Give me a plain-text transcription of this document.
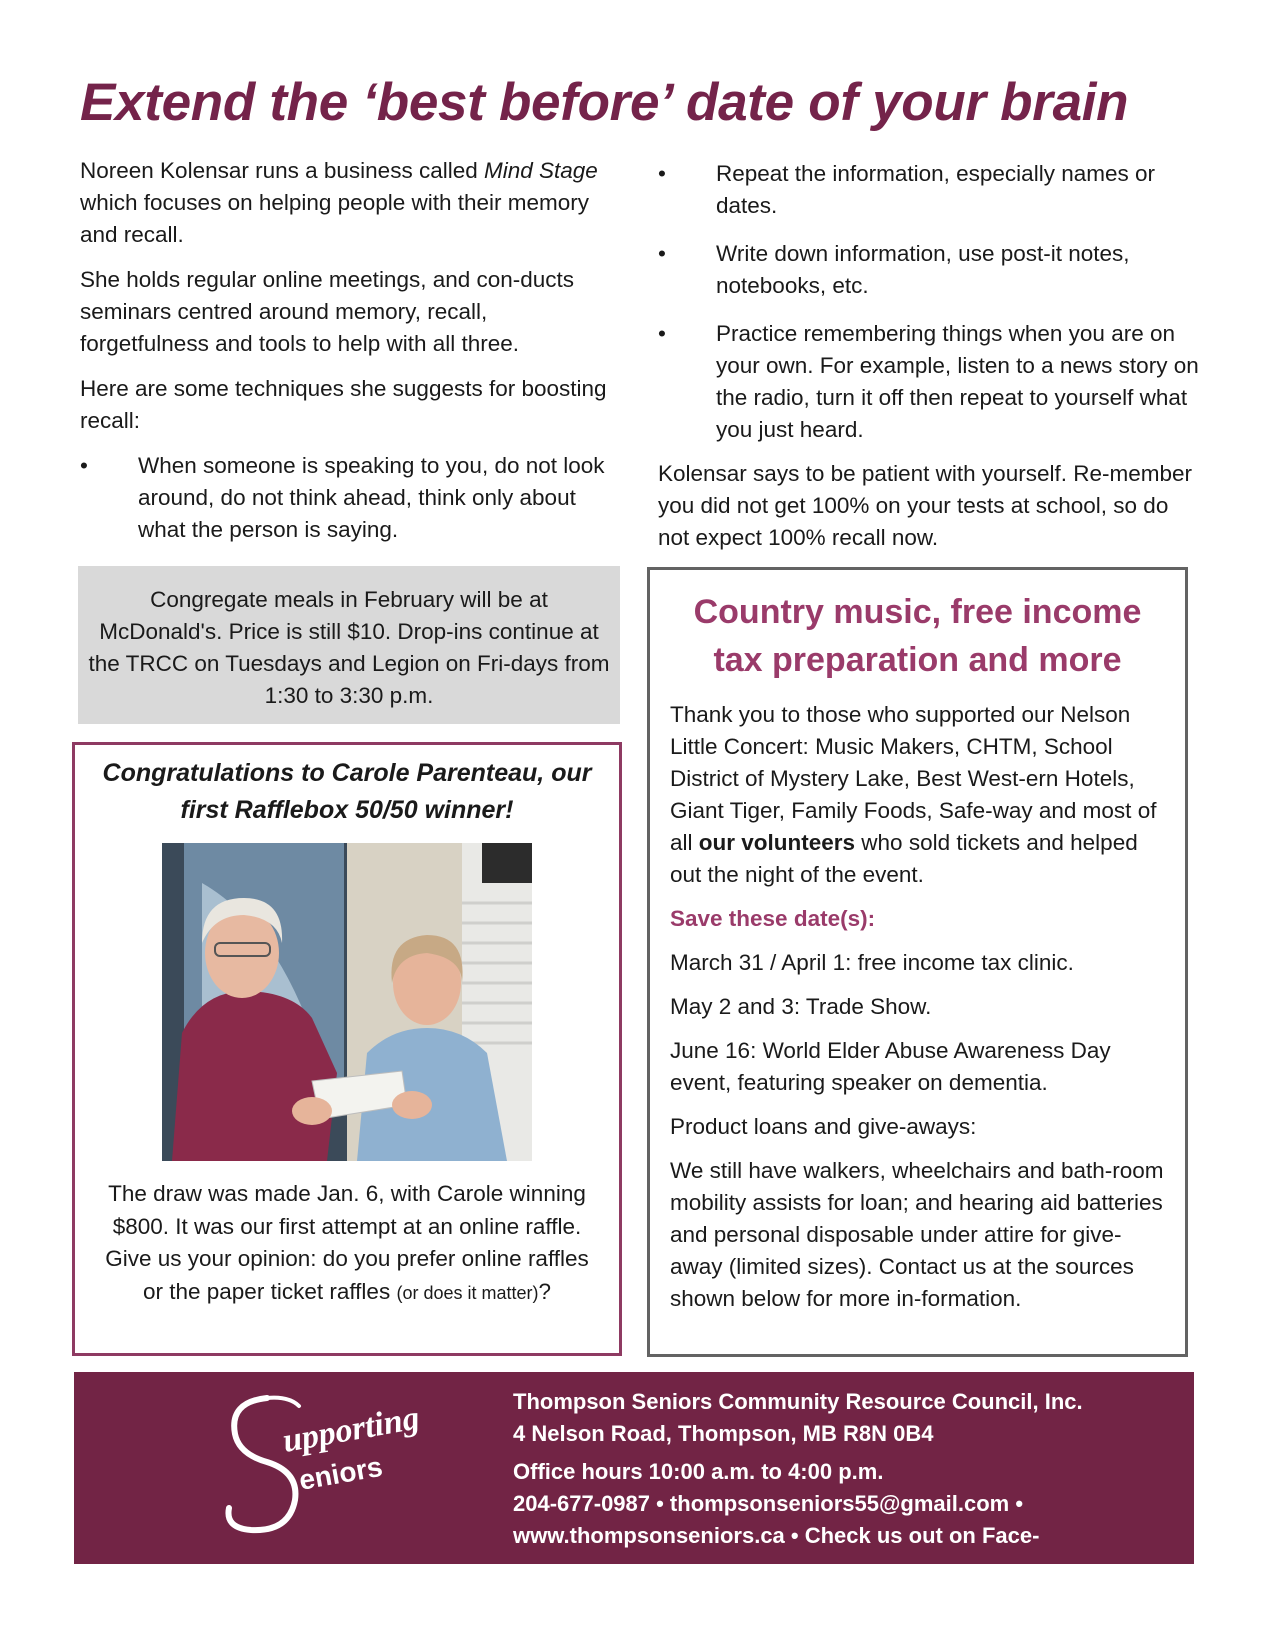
Extend the ‘best before’ date of your brain

Noreen Kolensar runs a business called Mind Stage which focuses on helping people with their memory and recall.

She holds regular online meetings, and con-ducts seminars centred around memory, recall, forgetfulness and tools to help with all three.

Here are some techniques she suggests for boosting recall:

• When someone is speaking to you, do not look around, do not think ahead, think only about what the person is saying.
• Repeat the information, especially names or dates.
• Write down information, use post-it notes, notebooks, etc.
• Practice remembering things when you are on your own. For example, listen to a news story on the radio, turn it off then repeat to yourself what you just heard.

Kolensar says to be patient with yourself. Re-member you did not get 100% on your tests at school, so do not expect 100% recall now.

Congregate meals in February will be at McDonald's. Price is still $10. Drop-ins continue at the TRCC on Tuesdays and Legion on Fri-days from 1:30 to 3:30 p.m.
Congratulations to Carole Parenteau, our first Rafflebox 50/50 winner!

The draw was made Jan. 6, with Carole winning $800. It was our first attempt at an online raffle. Give us your opinion: do you prefer online raffles or the paper ticket raffles (or does it matter)?

Country music, free income tax preparation and more

Thank you to those who supported our Nelson Little Concert: Music Makers, CHTM, School District of Mystery Lake, Best West-ern Hotels, Giant Tiger, Family Foods, Safe-way and most of all our volunteers who sold tickets and helped out the night of the event.

Save these date(s):

March 31 / April 1: free income tax clinic.

May 2 and 3: Trade Show.

June 16: World Elder Abuse Awareness Day event, featuring speaker on dementia.

Product loans and give-aways:

We still have walkers, wheelchairs and bath-room mobility assists for loan; and hearing aid batteries and personal disposable under attire for give-away (limited sizes). Contact us at the sources shown below for more in-formation.

upporting
eniors
Thompson Seniors Community Resource Council, Inc.
4 Nelson Road, Thompson, MB R8N 0B4
Office hours 10:00 a.m. to 4:00 p.m.
204-677-0987 • thompsonseniors55@gmail.com •
www.thompsonseniors.ca • Check us out on Face-
